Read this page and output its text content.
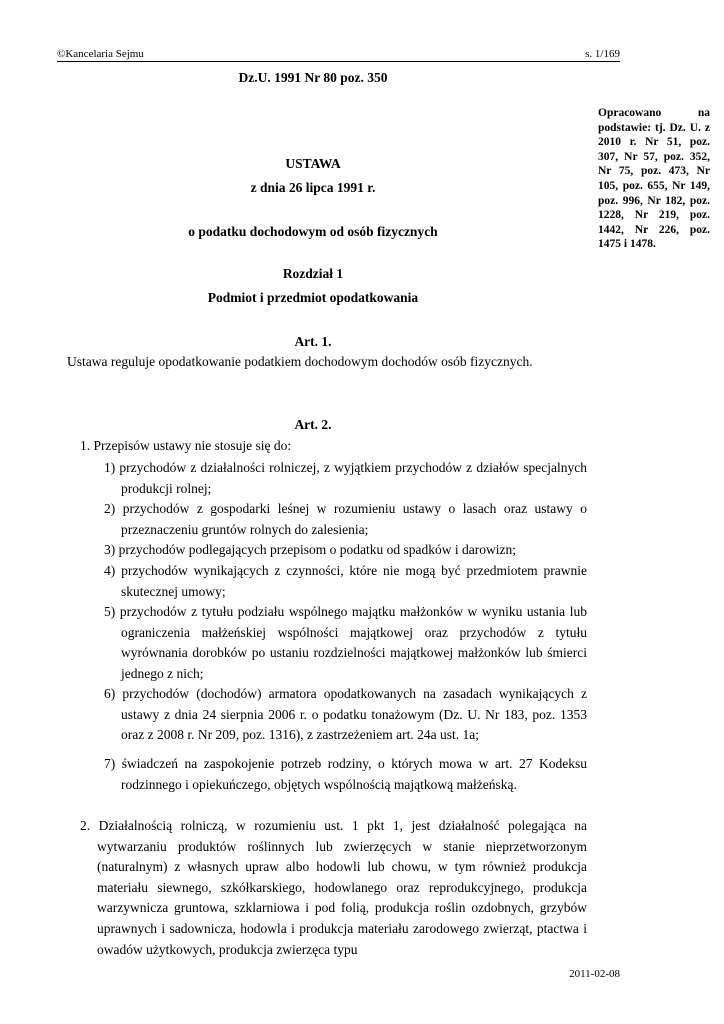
©Kancelaria Sejmu	s. 1/169
Dz.U. 1991 Nr 80 poz. 350
Opracowano na podstawie: tj. Dz. U. z 2010 r. Nr 51, poz. 307, Nr 57, poz. 352, Nr 75, poz. 473, Nr 105, poz. 655, Nr 149, poz. 996, Nr 182, poz. 1228, Nr 219, poz. 1442, Nr 226, poz. 1475 i 1478.
USTAWA
z dnia 26 lipca 1991 r.
o podatku dochodowym od osób fizycznych
Rozdział 1
Podmiot i przedmiot opodatkowania
Art. 1.
Ustawa reguluje opodatkowanie podatkiem dochodowym dochodów osób fizycznych.
Art. 2.
1. Przepisów ustawy nie stosuje się do:
1) przychodów z działalności rolniczej, z wyjątkiem przychodów z działów specjalnych produkcji rolnej;
2) przychodów z gospodarki leśnej w rozumieniu ustawy o lasach oraz ustawy o przeznaczeniu gruntów rolnych do zalesienia;
3) przychodów podlegających przepisom o podatku od spadków i darowizn;
4) przychodów wynikających z czynności, które nie mogą być przedmiotem prawnie skutecznej umowy;
5) przychodów z tytułu podziału wspólnego majątku małżonków w wyniku ustania lub ograniczenia małżeńskiej wspólności majątkowej oraz przychodów z tytułu wyrównania dorobków po ustaniu rozdzielności majątkowej małżonków lub śmierci jednego z nich;
6) przychodów (dochodów) armatora opodatkowanych na zasadach wynikających z ustawy z dnia 24 sierpnia 2006 r. o podatku tonażowym (Dz. U. Nr 183, poz. 1353 oraz z 2008 r. Nr 209, poz. 1316), z zastrzeżeniem art. 24a ust. 1a;
7) świadczeń na zaspokojenie potrzeb rodziny, o których mowa w art. 27 Kodeksu rodzinnego i opiekuńczego, objętych wspólnością majątkową małżeńską.
2. Działalnością rolniczą, w rozumieniu ust. 1 pkt 1, jest działalność polegająca na wytwarzaniu produktów roślinnych lub zwierzęcych w stanie nieprzetworzonym (naturalnym) z własnych upraw albo hodowli lub chowu, w tym również produkcja materiału siewnego, szkółkarskiego, hodowlanego oraz reprodukcyjnego, produkcja warzywnicza gruntowa, szklarniowa i pod folią, produkcja roślin ozdobnych, grzybów uprawnych i sadownicza, hodowla i produkcja materiału zarodowego zwierząt, ptactwa i owadów użytkowych, produkcja zwierzęca typu
2011-02-08
